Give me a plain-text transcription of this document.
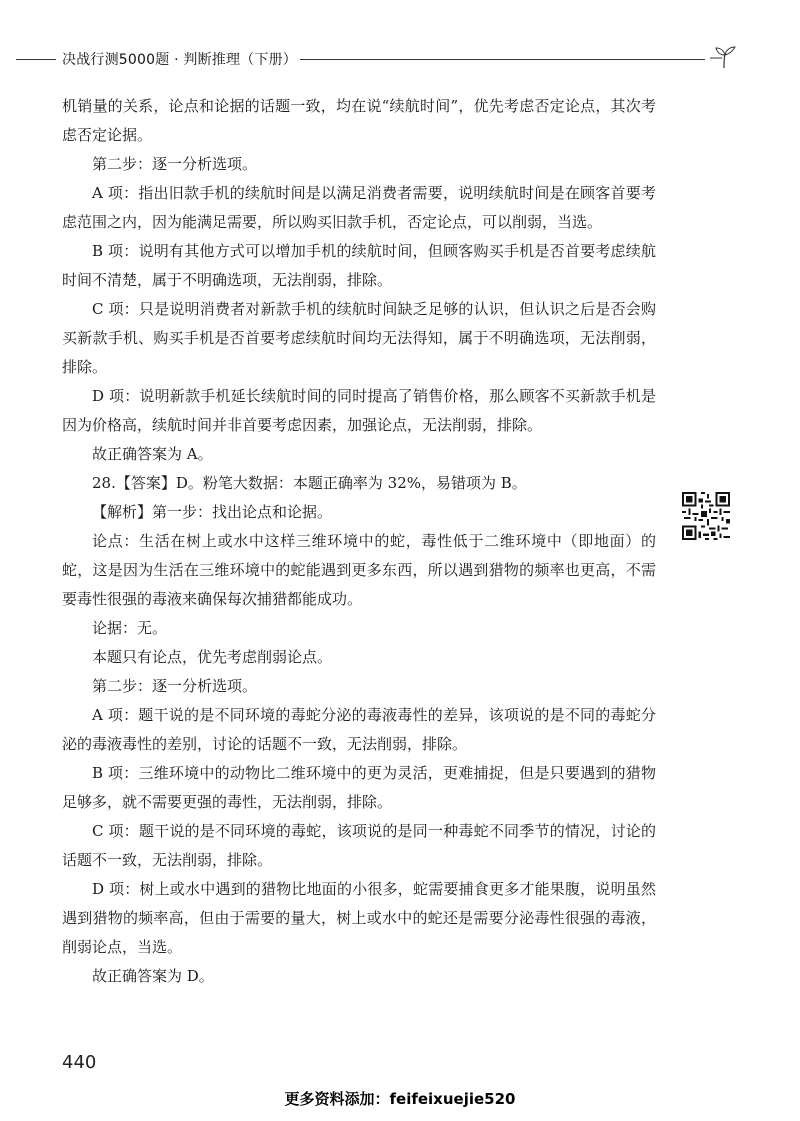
决战行测5000题 · 判断推理（下册）

机销量的关系，论点和论据的话题一致，均在说“续航时间”，优先考虑否定论点，其次考虑否定论据。

第二步：逐一分析选项。

A 项：指出旧款手机的续航时间是以满足消费者需要，说明续航时间是在顾客首要考虑范围之内，因为能满足需要，所以购买旧款手机，否定论点，可以削弱，当选。

B 项：说明有其他方式可以增加手机的续航时间，但顾客购买手机是否首要考虑续航时间不清楚，属于不明确选项，无法削弱，排除。

C 项：只是说明消费者对新款手机的续航时间缺乏足够的认识，但认识之后是否会购买新款手机、购买手机是否首要考虑续航时间均无法得知，属于不明确选项，无法削弱，排除。

D 项：说明新款手机延长续航时间的同时提高了销售价格，那么顾客不买新款手机是因为价格高，续航时间并非首要考虑因素，加强论点，无法削弱，排除。

故正确答案为 A。

28.【答案】D。粉笔大数据：本题正确率为 32%，易错项为 B。

【解析】第一步：找出论点和论据。

论点：生活在树上或水中这样三维环境中的蛇，毒性低于二维环境中（即地面）的蛇，这是因为生活在三维环境中的蛇能遇到更多东西，所以遇到猎物的频率也更高，不需要毒性很强的毒液来确保每次捕猎都能成功。

论据：无。

本题只有论点，优先考虑削弱论点。

第二步：逐一分析选项。

A 项：题干说的是不同环境的毒蛇分泌的毒液毒性的差异，该项说的是不同的毒蛇分泌的毒液毒性的差别，讨论的话题不一致，无法削弱，排除。

B 项：三维环境中的动物比二维环境中的更为灵活，更难捕捉，但是只要遇到的猎物足够多，就不需要更强的毒性，无法削弱，排除。

C 项：题干说的是不同环境的毒蛇，该项说的是同一种毒蛇不同季节的情况，讨论的话题不一致，无法削弱，排除。

D 项：树上或水中遇到的猎物比地面的小很多，蛇需要捕食更多才能果腹，说明虽然遇到猎物的频率高，但由于需要的量大，树上或水中的蛇还是需要分泌毒性很强的毒液，削弱论点，当选。

故正确答案为 D。

440
更多资料添加：feifeixuejie520
